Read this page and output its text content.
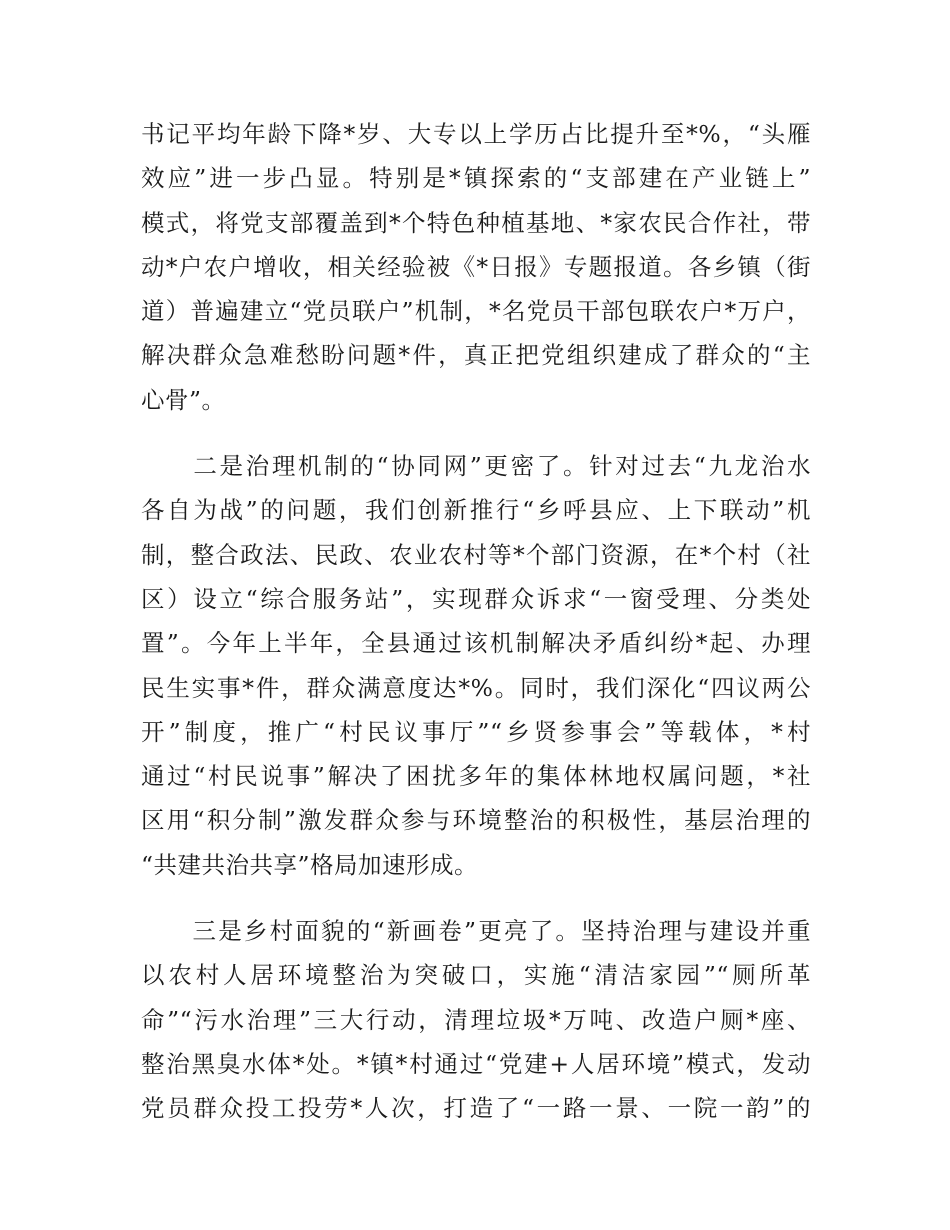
书记平均年龄下降*岁、大专以上学历占比提升至*%，“头雁
效应”进一步凸显。特别是*镇探索的“支部建在产业链上”
模式，将党支部覆盖到*个特色种植基地、*家农民合作社，带
动*户农户增收，相关经验被《*日报》专题报道。各乡镇（街
道）普遍建立“党员联户”机制，*名党员干部包联农户*万户，
解决群众急难愁盼问题*件，真正把党组织建成了群众的“主
心骨”。
　　二是治理机制的“协同网”更密了。针对过去“九龙治水
各自为战”的问题，我们创新推行“乡呼县应、上下联动”机
制，整合政法、民政、农业农村等*个部门资源，在*个村（社
区）设立“综合服务站”，实现群众诉求“一窗受理、分类处
置”。今年上半年，全县通过该机制解决矛盾纠纷*起、办理
民生实事*件，群众满意度达*%。同时，我们深化“四议两公
开”制度，推广“村民议事厅”“乡贤参事会”等载体，*村
通过“村民说事”解决了困扰多年的集体林地权属问题，*社
区用“积分制”激发群众参与环境整治的积极性，基层治理的
“共建共治共享”格局加速形成。
　　三是乡村面貌的“新画卷”更亮了。坚持治理与建设并重
以农村人居环境整治为突破口，实施“清洁家园”“厕所革
命”“污水治理”三大行动，清理垃圾*万吨、改造户厕*座、
整治黑臭水体*处。*镇*村通过“党建+人居环境”模式，发动
党员群众投工投劳*人次，打造了“一路一景、一院一韵”的
